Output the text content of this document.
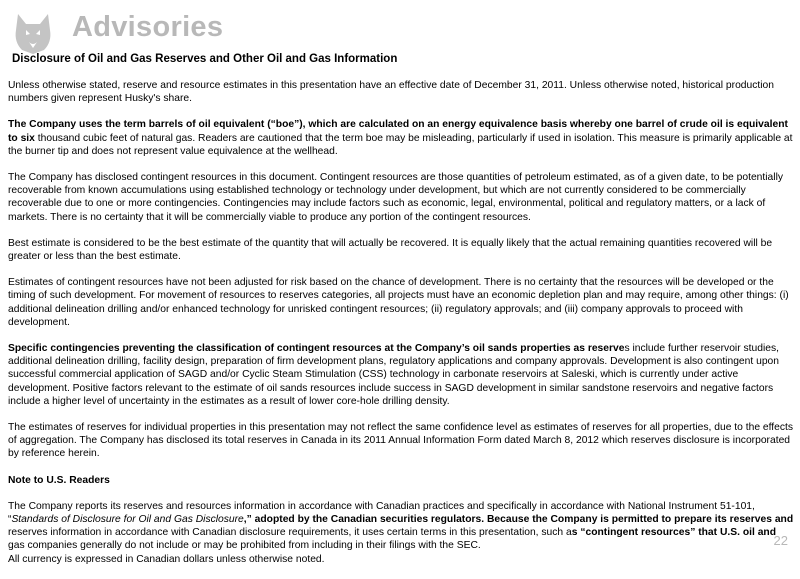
Advisories
Disclosure of Oil and Gas Reserves and Other Oil and Gas Information

Unless otherwise stated, reserve and resource estimates in this presentation have an effective date of December 31, 2011. Unless otherwise noted, historical production numbers given represent Husky's share.

The Company uses the term barrels of oil equivalent (“boe”), which are calculated on an energy equivalence basis whereby one barrel of crude oil is equivalent to six thousand cubic feet of natural gas. Readers are cautioned that the term boe may be misleading, particularly if used in isolation. This measure is primarily applicable at the burner tip and does not represent value equivalence at the wellhead.

The Company has disclosed contingent resources in this document. Contingent resources are those quantities of petroleum estimated, as of a given date, to be potentially recoverable from known accumulations using established technology or technology under development, but which are not currently considered to be commercially recoverable due to one or more contingencies. Contingencies may include factors such as economic, legal, environmental, political and regulatory matters, or a lack of markets. There is no certainty that it will be commercially viable to produce any portion of the contingent resources.

Best estimate is considered to be the best estimate of the quantity that will actually be recovered. It is equally likely that the actual remaining quantities recovered will be greater or less than the best estimate.

Estimates of contingent resources have not been adjusted for risk based on the chance of development. There is no certainty that the resources will be developed or the timing of such development. For movement of resources to reserves categories, all projects must have an economic depletion plan and may require, among other things: (i) additional delineation drilling and/or enhanced technology for unrisked contingent resources; (ii) regulatory approvals; and (iii) company approvals to proceed with development.

Specific contingencies preventing the classification of contingent resources at the Company’s oil sands properties as reserves include further reservoir studies, additional delineation drilling, facility design, preparation of firm development plans, regulatory applications and company approvals. Development is also contingent upon successful commercial application of SAGD and/or Cyclic Steam Stimulation (CSS) technology in carbonate reservoirs at Saleski, which is currently under active development. Positive factors relevant to the estimate of oil sands resources include success in SAGD development in similar sandstone reservoirs and negative factors include a higher level of uncertainty in the estimates as a result of lower core-hole drilling density.

The estimates of reserves for individual properties in this presentation may not reflect the same confidence level as estimates of reserves for all properties, due to the effects of aggregation. The Company has disclosed its total reserves in Canada in its 2011 Annual Information Form dated March 8, 2012 which reserves disclosure is incorporated by reference herein.

Note to U.S. Readers

The Company reports its reserves and resources information in accordance with Canadian practices and specifically in accordance with National Instrument 51-101, “Standards of Disclosure for Oil and Gas Disclosure,” adopted by the Canadian securities regulators. Because the Company is permitted to prepare its reserves and reserves information in accordance with Canadian disclosure requirements, it uses certain terms in this presentation, such as “contingent resources” that U.S. oil and gas companies generally do not include or may be prohibited from including in their filings with the SEC.

All currency is expressed in Canadian dollars unless otherwise noted.

22
